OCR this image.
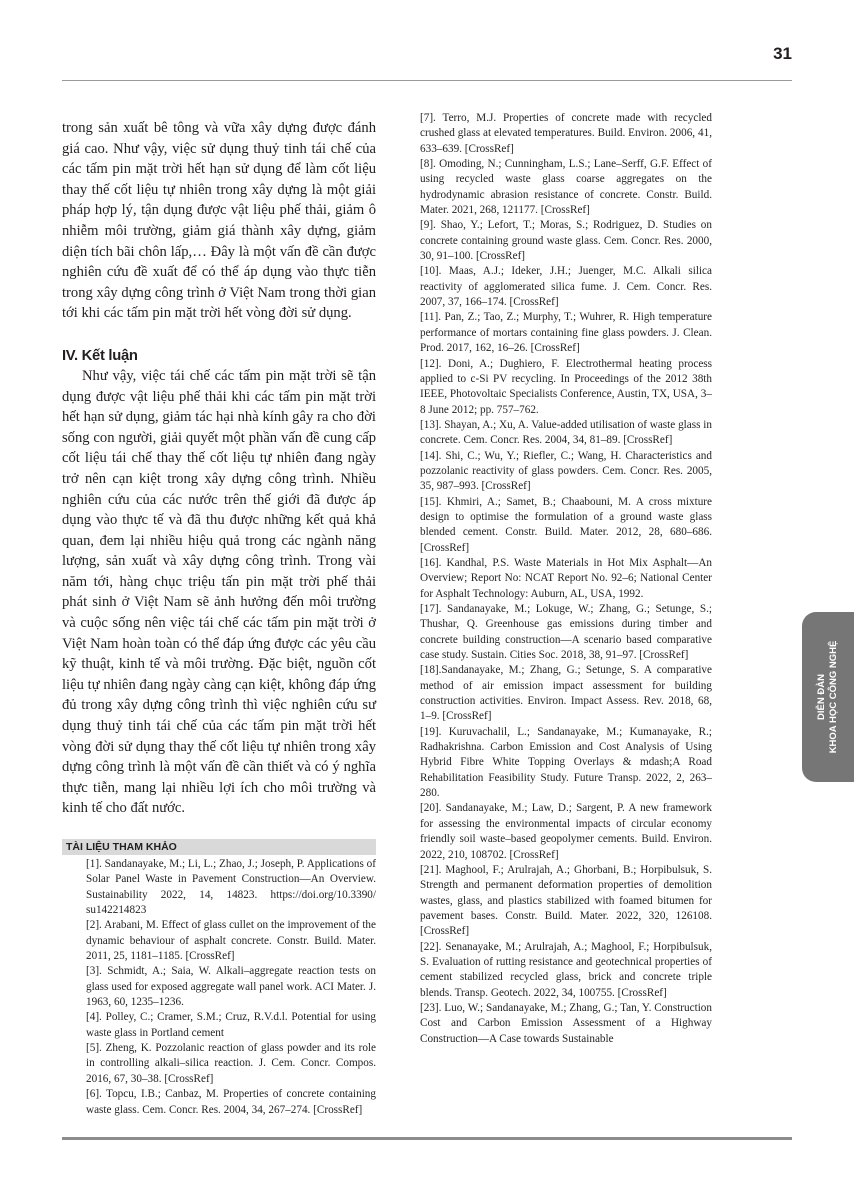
31

trong sản xuất bê tông và vữa xây dựng được đánh giá cao. Như vậy, việc sử dụng thuỷ tinh tái chế của các tấm pin mặt trời hết hạn sử dụng để làm cốt liệu thay thế cốt liệu tự nhiên trong xây dựng là một giải pháp hợp lý, tận dụng được vật liệu phế thải, giảm ô nhiễm môi trường, giảm giá thành xây dựng, giảm diện tích bãi chôn lấp,… Đây là một vấn đề cần được nghiên cứu đề xuất để có thể áp dụng vào thực tiễn trong xây dựng công trình ở Việt Nam trong thời gian tới khi các tấm pin mặt trời hết vòng đời sử dụng.

IV. Kết luận

Như vậy, việc tái chế các tấm pin mặt trời sẽ tận dụng được vật liệu phế thải khi các tấm pin mặt trời hết hạn sử dụng, giảm tác hại nhà kính gây ra cho đời sống con người, giải quyết một phần vấn đề cung cấp cốt liệu tái chế thay thế cốt liệu tự nhiên đang ngày trở nên cạn kiệt trong xây dựng công trình. Nhiều nghiên cứu của các nước trên thế giới đã được áp dụng vào thực tế và đã thu được những kết quả khả quan, đem lại nhiều hiệu quả trong các ngành năng lượng, sản xuất và xây dựng công trình. Trong vài năm tới, hàng chục triệu tấn pin mặt trời phế thải phát sinh ở Việt Nam sẽ ảnh hưởng đến môi trường và cuộc sống nên việc tái chế các tấm pin mặt trời ở Việt Nam hoàn toàn có thể đáp ứng được các yêu cầu kỹ thuật, kinh tế và môi trường. Đặc biệt, nguồn cốt liệu tự nhiên đang ngày càng cạn kiệt, không đáp ứng đủ trong xây dựng công trình thì việc nghiên cứu sư dụng thuỷ tinh tái chế của các tấm pin mặt trời hết vòng đời sử dụng thay thế cốt liệu tự nhiên trong xây dựng công trình là một vấn đề cần thiết và có ý nghĩa thực tiễn, mang lại nhiều lợi ích cho môi trường và kinh tế cho đất nước.

TÀI LIỆU THAM KHẢO

[1]. Sandanayake, M.; Li, L.; Zhao, J.; Joseph, P. Applications of Solar Panel Waste in Pavement Construction—An Overview. Sustainability 2022, 14, 14823. https://doi.org/10.3390/ su142214823

[2]. Arabani, M. Effect of glass cullet on the improvement of the dynamic behaviour of asphalt concrete. Constr. Build. Mater. 2011, 25, 1181–1185. [CrossRef]

[3]. Schmidt, A.; Saia, W. Alkali–aggregate reaction tests on glass used for exposed aggregate wall panel work. ACI Mater. J. 1963, 60, 1235–1236.

[4]. Polley, C.; Cramer, S.M.; Cruz, R.V.d.l. Potential for using waste glass in Portland cement

[5]. Zheng, K. Pozzolanic reaction of glass powder and its role in controlling alkali–silica reaction. J. Cem. Concr. Compos. 2016, 67, 30–38. [CrossRef]

[6]. Topcu, I.B.; Canbaz, M. Properties of concrete containing waste glass. Cem. Concr. Res. 2004, 34, 267–274. [CrossRef]

[7]. Terro, M.J. Properties of concrete made with recycled crushed glass at elevated temperatures. Build. Environ. 2006, 41, 633–639. [CrossRef]

[8]. Omoding, N.; Cunningham, L.S.; Lane–Serff, G.F. Effect of using recycled waste glass coarse aggregates on the hydrodynamic abrasion resistance of concrete. Constr. Build. Mater. 2021, 268, 121177. [CrossRef]

[9]. Shao, Y.; Lefort, T.; Moras, S.; Rodriguez, D. Studies on concrete containing ground waste glass. Cem. Concr. Res. 2000, 30, 91–100. [CrossRef]

[10]. Maas, A.J.; Ideker, J.H.; Juenger, M.C. Alkali silica reactivity of agglomerated silica fume. J. Cem. Concr. Res. 2007, 37, 166–174. [CrossRef]

[11]. Pan, Z.; Tao, Z.; Murphy, T.; Wuhrer, R. High temperature performance of mortars containing fine glass powders. J. Clean. Prod. 2017, 162, 16–26. [CrossRef]

[12]. Doni, A.; Dughiero, F. Electrothermal heating process applied to c-Si PV recycling. In Proceedings of the 2012 38th IEEE, Photovoltaic Specialists Conference, Austin, TX, USA, 3–8 June 2012; pp. 757–762.

[13]. Shayan, A.; Xu, A. Value-added utilisation of waste glass in concrete. Cem. Concr. Res. 2004, 34, 81–89. [CrossRef]

[14]. Shi, C.; Wu, Y.; Riefler, C.; Wang, H. Characteristics and pozzolanic reactivity of glass powders. Cem. Concr. Res. 2005, 35, 987–993. [CrossRef]

[15]. Khmiri, A.; Samet, B.; Chaabouni, M. A cross mixture design to optimise the formulation of a ground waste glass blended cement. Constr. Build. Mater. 2012, 28, 680–686. [CrossRef]

[16]. Kandhal, P.S. Waste Materials in Hot Mix Asphalt—An Overview; Report No: NCAT Report No. 92–6; National Center for Asphalt Technology: Auburn, AL, USA, 1992.

[17]. Sandanayake, M.; Lokuge, W.; Zhang, G.; Setunge, S.; Thushar, Q. Greenhouse gas emissions during timber and concrete building construction—A scenario based comparative case study. Sustain. Cities Soc. 2018, 38, 91–97. [CrossRef]

[18].Sandanayake, M.; Zhang, G.; Setunge, S. A comparative method of air emission impact assessment for building construction activities. Environ. Impact Assess. Rev. 2018, 68, 1–9. [CrossRef]

[19]. Kuruvachalil, L.; Sandanayake, M.; Kumanayake, R.; Radhakrishna. Carbon Emission and Cost Analysis of Using Hybrid Fibre White Topping Overlays & mdash;A Road Rehabilitation Feasibility Study. Future Transp. 2022, 2, 263–280.

[20]. Sandanayake, M.; Law, D.; Sargent, P. A new framework for assessing the environmental impacts of circular economy friendly soil waste–based geopolymer cements. Build. Environ. 2022, 210, 108702. [CrossRef]

[21]. Maghool, F.; Arulrajah, A.; Ghorbani, B.; Horpibulsuk, S. Strength and permanent deformation properties of demolition wastes, glass, and plastics stabilized with foamed bitumen for pavement bases. Constr. Build. Mater. 2022, 320, 126108. [CrossRef]

[22]. Senanayake, M.; Arulrajah, A.; Maghool, F.; Horpibulsuk, S. Evaluation of rutting resistance and geotechnical properties of cement stabilized recycled glass, brick and concrete triple blends. Transp. Geotech. 2022, 34, 100755. [CrossRef]

[23]. Luo, W.; Sandanayake, M.; Zhang, G.; Tan, Y. Construction Cost and Carbon Emission Assessment of a Highway Construction—A Case towards Sustainable

DIỄN ĐÀN KHOA HỌC CÔNG NGHỆ
